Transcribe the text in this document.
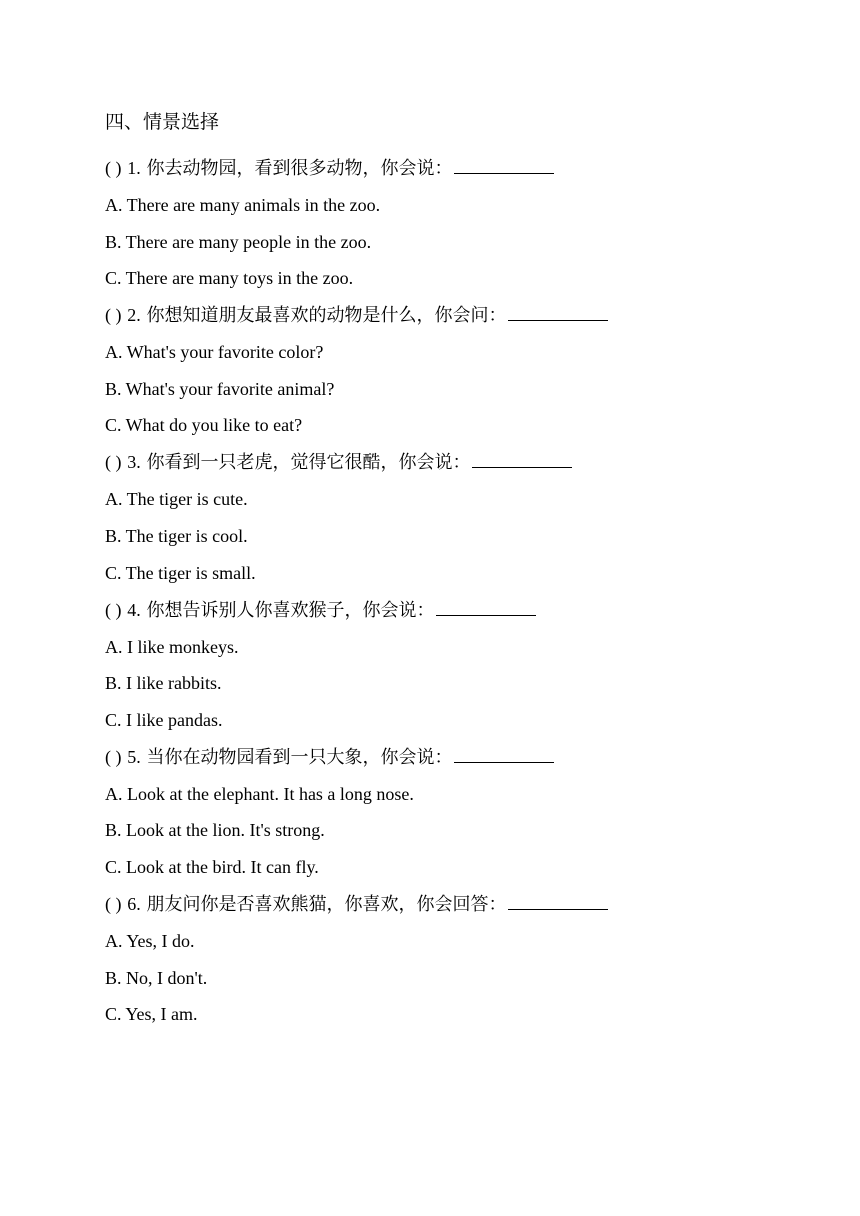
四、情景选择
( ) 1. 你去动物园，看到很多动物，你会说：
A. There are many animals in the zoo.
B. There are many people in the zoo.
C. There are many toys in the zoo.
( ) 2. 你想知道朋友最喜欢的动物是什么，你会问：
A. What's your favorite color?
B. What's your favorite animal?
C. What do you like to eat?
( ) 3. 你看到一只老虎，觉得它很酷，你会说：
A. The tiger is cute.
B. The tiger is cool.
C. The tiger is small.
( ) 4. 你想告诉别人你喜欢猴子，你会说：
A. I like monkeys.
B. I like rabbits.
C. I like pandas.
( ) 5. 当你在动物园看到一只大象，你会说：
A. Look at the elephant. It has a long nose.
B. Look at the lion. It's strong.
C. Look at the bird. It can fly.
( ) 6. 朋友问你是否喜欢熊猫，你喜欢，你会回答：
A. Yes, I do.
B. No, I don't.
C. Yes, I am.
